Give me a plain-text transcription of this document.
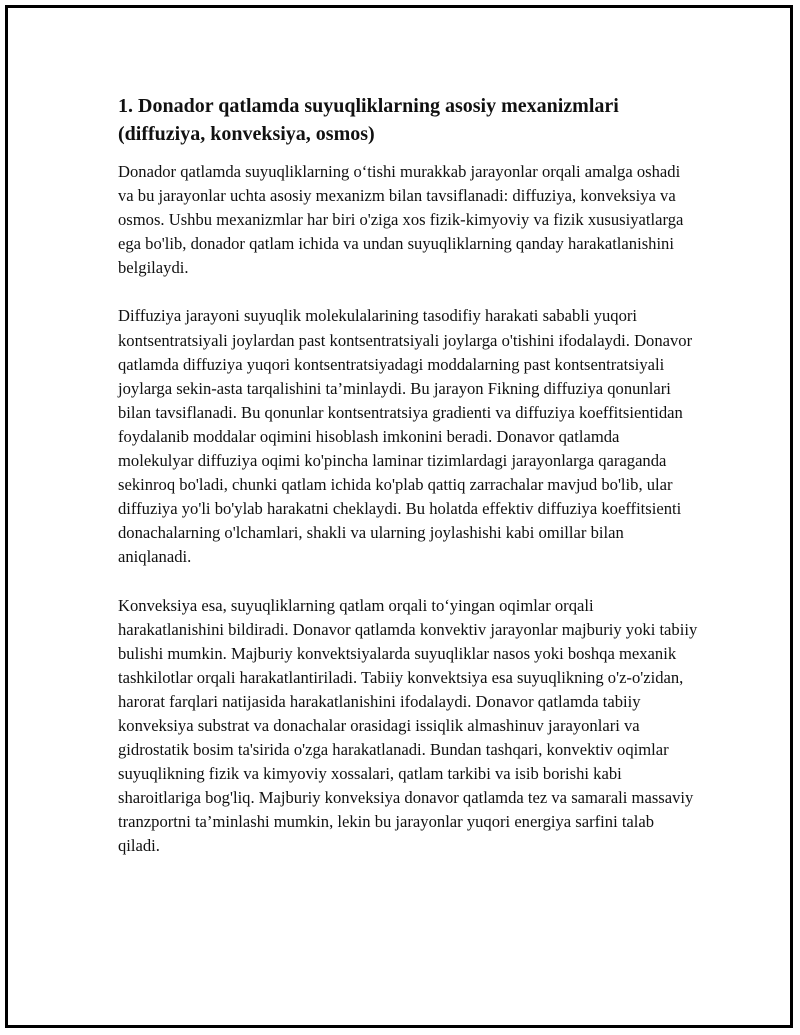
1. Donador qatlamda suyuqliklarning asosiy mexanizmlari (diffuziya, konveksiya, osmos)

Donador qatlamda suyuqliklarning o‘tishi murakkab jarayonlar orqali amalga oshadi va bu jarayonlar uchta asosiy mexanizm bilan tavsiflanadi: diffuziya, konveksiya va osmos. Ushbu mexanizmlar har biri o'ziga xos fizik-kimyoviy va fizik xususiyatlarga ega bo'lib, donador qatlam ichida va undan suyuqliklarning qanday harakatlanishini belgilaydi.

Diffuziya jarayoni suyuqlik molekulalarining tasodifiy harakati sababli yuqori kontsentratsiyali joylardan past kontsentratsiyali joylarga o'tishini ifodalaydi. Donavor qatlamda diffuziya yuqori kontsentratsiyadagi moddalarning past kontsentratsiyali joylarga sekin-asta tarqalishini ta’minlaydi. Bu jarayon Fikning diffuziya qonunlari bilan tavsiflanadi. Bu qonunlar kontsentratsiya gradienti va diffuziya koeffitsientidan foydalanib moddalar oqimini hisoblash imkonini beradi. Donavor qatlamda molekulyar diffuziya oqimi ko'pincha laminar tizimlardagi jarayonlarga qaraganda sekinroq bo'ladi, chunki qatlam ichida ko'plab qattiq zarrachalar mavjud bo'lib, ular diffuziya yo'li bo'ylab harakatni cheklaydi. Bu holatda effektiv diffuziya koeffitsienti donachalarning o'lchamlari, shakli va ularning joylashishi kabi omillar bilan aniqlanadi.

Konveksiya esa, suyuqliklarning qatlam orqali to‘yingan oqimlar orqali harakatlanishini bildiradi. Donavor qatlamda konvektiv jarayonlar majburiy yoki tabiiy bulishi mumkin. Majburiy konvektsiyalarda suyuqliklar nasos yoki boshqa mexanik tashkilotlar orqali harakatlantiriladi. Tabiiy konvektsiya esa suyuqlikning o'z-o'zidan, harorat farqlari natijasida harakatlanishini ifodalaydi. Donavor qatlamda tabiiy konveksiya substrat va donachalar orasidagi issiqlik almashinuv jarayonlari va gidrostatik bosim ta'sirida o'zga harakatlanadi. Bundan tashqari, konvektiv oqimlar suyuqlikning fizik va kimyoviy xossalari, qatlam tarkibi va isib borishi kabi sharoitlariga bog'liq. Majburiy konveksiya donavor qatlamda tez va samarali massaviy tranzportni ta’minlashi mumkin, lekin bu jarayonlar yuqori energiya sarfini talab qiladi.
